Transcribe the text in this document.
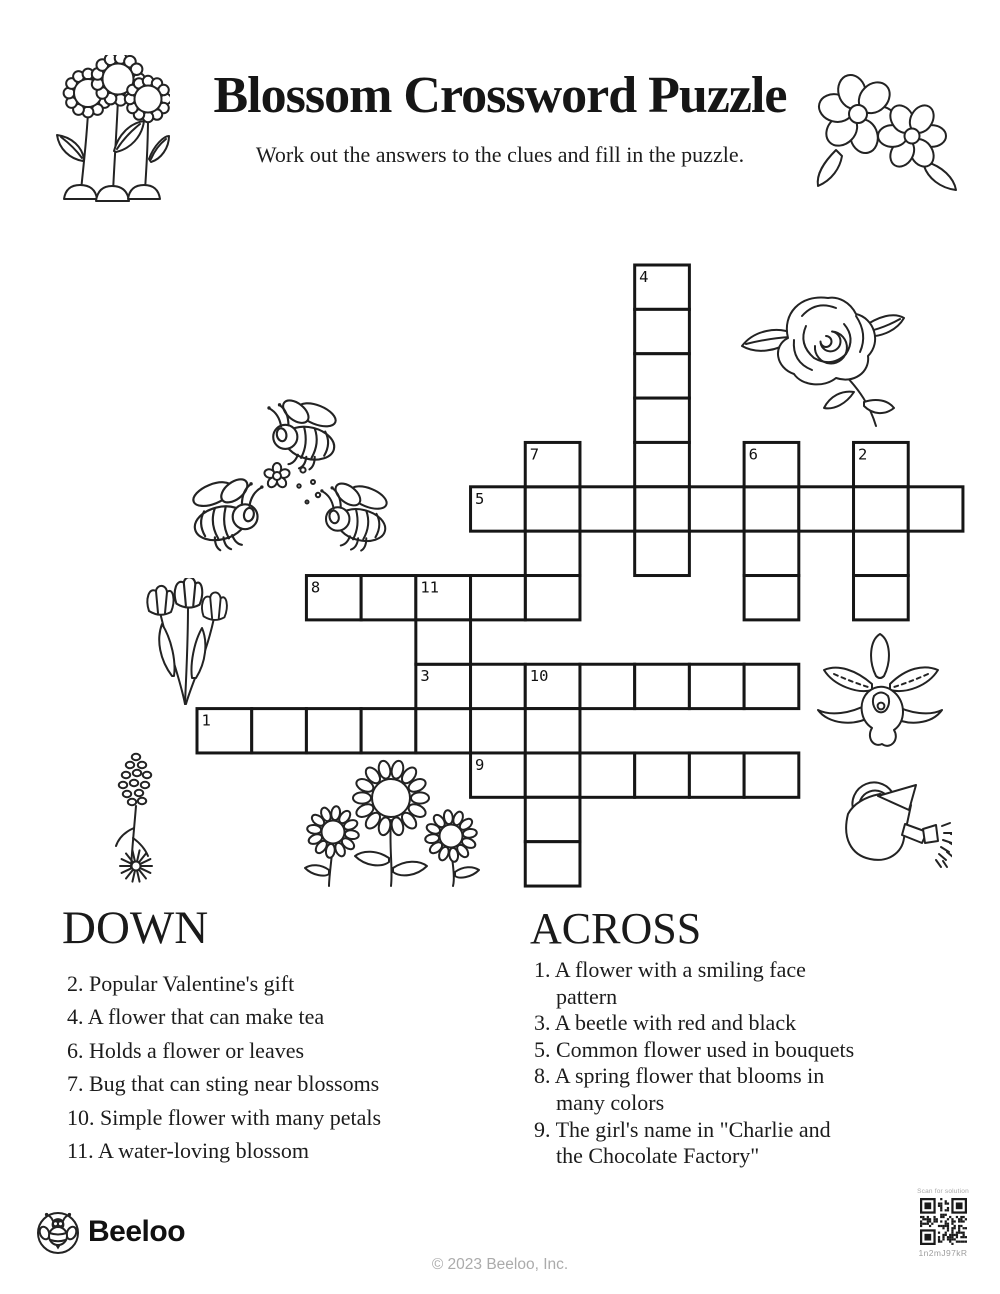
Blossom Crossword Puzzle
Work out the answers to the clues and fill in the puzzle.
1
2
3
4
5
6
7
8
9
10
11
DOWN
2. Popular Valentine's gift
4. A flower that can make tea
6. Holds a flower or leaves
7. Bug that can sting near blossoms
10. Simple flower with many petals
11. A water-loving blossom
ACROSS
1. A flower with a smiling face
pattern
3. A beetle with red and black
5. Common flower used in bouquets
8. A spring flower that blooms in
many colors
9. The girl's name in "Charlie and
the Chocolate Factory"
Beeloo
© 2023 Beeloo, Inc.
Scan for solution
1n2mJ97kR
